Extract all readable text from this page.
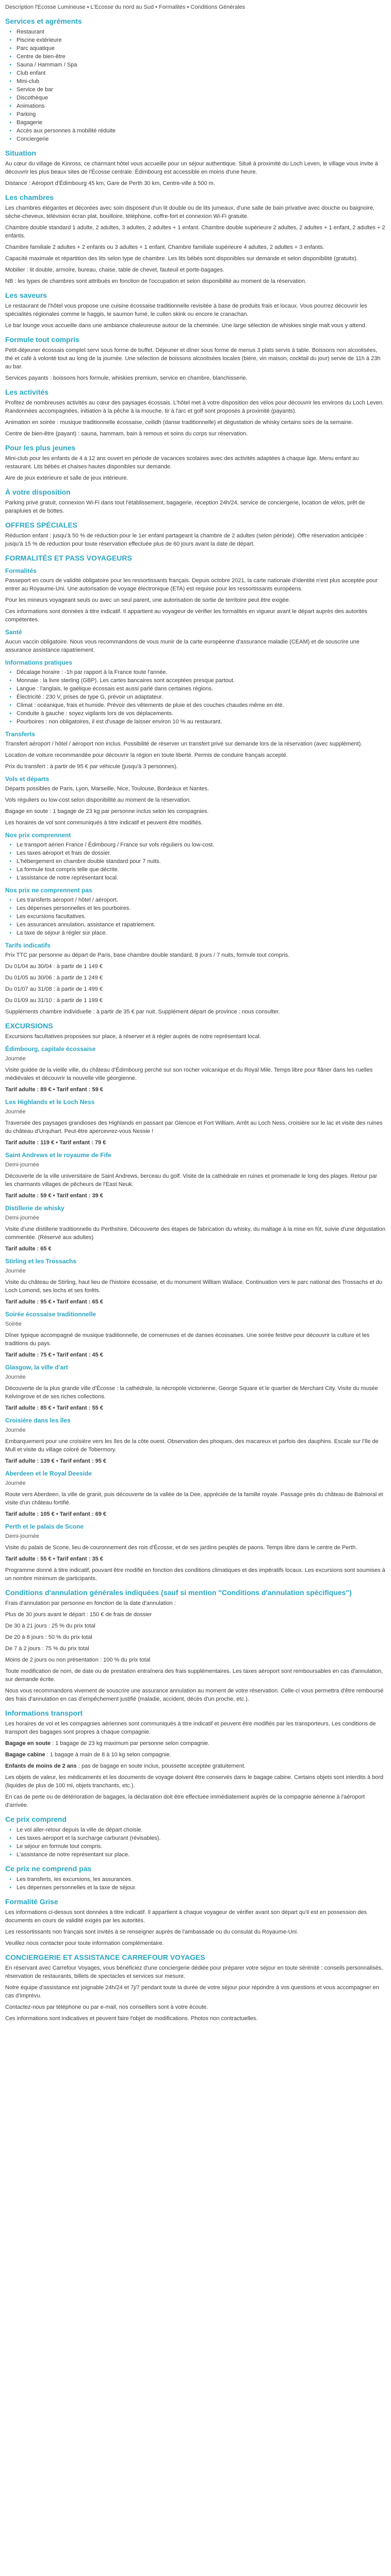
Description l'Ecosse Lumineuse • L'Ecosse du nord au Sud • Formalités • Conditions Générales

Services et agréments
• Restaurant
• Piscine extérieure
• Parc aquatique
• Centre de bien-être
• Sauna / Hammam / Spa
• Club enfant
• Mini-club
• Service de bar
• Discothèque
• Animations
• Parking
• Bagagerie
• Accès aux personnes à mobilité réduite
• Conciergerie
Situation

Au cœur du village de Kinross, ce charmant hôtel vous accueille pour un séjour authentique. Situé à proximité du Loch Leven, le village vous invite à découvrir les plus beaux sites de l'Écosse centrale. Édimbourg est accessible en moins d'une heure.

Distance : Aéroport d'Édimbourg 45 km, Gare de Perth 30 km, Centre-ville à 500 m.

Les chambres

Les chambres élégantes et décorées avec soin disposent d'un lit double ou de lits jumeaux, d'une salle de bain privative avec douche ou baignoire, sèche-cheveux, télévision écran plat, bouilloire, téléphone, coffre-fort et connexion Wi-Fi gratuite.

Chambre double standard 1 adulte, 2 adultes, 3 adultes, 2 adultes + 1 enfant. Chambre double supérieure 2 adultes, 2 adultes + 1 enfant, 2 adultes + 2 enfants.

Chambre familiale 2 adultes + 2 enfants ou 3 adultes + 1 enfant. Chambre familiale supérieure 4 adultes, 2 adultes + 3 enfants.

Capacité maximale et répartition des lits selon type de chambre. Les lits bébés sont disponibles sur demande et selon disponibilité (gratuits).

Mobilier : lit double, armoire, bureau, chaise, table de chevet, fauteuil et porte-bagages.

NB : les types de chambres sont attribués en fonction de l'occupation et selon disponibilité au moment de la réservation.

Les saveurs

Le restaurant de l'hôtel vous propose une cuisine écossaise traditionnelle revisitée à base de produits frais et locaux. Vous pourrez découvrir les spécialités régionales comme le haggis, le saumon fumé, le cullen skink ou encore le cranachan.

Le bar lounge vous accueille dans une ambiance chaleureuse autour de la cheminée. Une large sélection de whiskies single malt vous y attend.

Formule tout compris

Petit-déjeuner écossais complet servi sous forme de buffet. Déjeuner et dîner sous forme de menus 3 plats servis à table. Boissons non alcoolisées, thé et café à volonté tout au long de la journée. Une sélection de boissons alcoolisées locales (bière, vin maison, cocktail du jour) servie de 11h à 23h au bar.

Services payants : boissons hors formule, whiskies premium, service en chambre, blanchisserie.

Les activités

Profitez de nombreuses activités au cœur des paysages écossais. L'hôtel met à votre disposition des vélos pour découvrir les environs du Loch Leven. Randonnées accompagnées, initiation à la pêche à la mouche, tir à l'arc et golf sont proposés à proximité (payants).

Animation en soirée : musique traditionnelle écossaise, ceilidh (danse traditionnelle) et dégustation de whisky certains soirs de la semaine.

Centre de bien-être (payant) : sauna, hammam, bain à remous et soins du corps sur réservation.

Pour les plus jeunes

Mini-club pour les enfants de 4 à 12 ans ouvert en période de vacances scolaires avec des activités adaptées à chaque âge. Menu enfant au restaurant. Lits bébés et chaises hautes disponibles sur demande.

Aire de jeux extérieure et salle de jeux intérieure.

À votre disposition

Parking privé gratuit, connexion Wi-Fi dans tout l'établissement, bagagerie, réception 24h/24, service de conciergerie, location de vélos, prêt de parapluies et de bottes.

OFFRES SPÉCIALES

Réduction enfant : jusqu'à 50 % de réduction pour le 1er enfant partageant la chambre de 2 adultes (selon période). Offre réservation anticipée : jusqu'à 15 % de réduction pour toute réservation effectuée plus de 60 jours avant la date de départ.

FORMALITÉS ET PASS VOYAGEURS
Formalités

Passeport en cours de validité obligatoire pour les ressortissants français. Depuis octobre 2021, la carte nationale d'identité n'est plus acceptée pour entrer au Royaume-Uni. Une autorisation de voyage électronique (ETA) est requise pour les ressortissants européens.

Pour les mineurs voyageant seuls ou avec un seul parent, une autorisation de sortie de territoire peut être exigée.

Ces informations sont données à titre indicatif. Il appartient au voyageur de vérifier les formalités en vigueur avant le départ auprès des autorités compétentes.

Santé

Aucun vaccin obligatoire. Nous vous recommandons de vous munir de la carte européenne d'assurance maladie (CEAM) et de souscrire une assurance assistance rapatriement.

Informations pratiques
• Décalage horaire : -1h par rapport à la France toute l'année.
• Monnaie : la livre sterling (GBP). Les cartes bancaires sont acceptées presque partout.
• Langue : l'anglais, le gaélique écossais est aussi parlé dans certaines régions.
• Électricité : 230 V, prises de type G, prévoir un adaptateur.
• Climat : océanique, frais et humide. Prévoir des vêtements de pluie et des couches chaudes même en été.
• Conduite à gauche : soyez vigilants lors de vos déplacements.
• Pourboires : non obligatoires, il est d'usage de laisser environ 10 % au restaurant.
Transferts

Transfert aéroport / hôtel / aéroport non inclus. Possibilité de réserver un transfert privé sur demande lors de la réservation (avec supplément).

Location de voiture recommandée pour découvrir la région en toute liberté. Permis de conduire français accepté.

Prix du transfert : à partir de 95 € par véhicule (jusqu'à 3 personnes).

Vols et départs

Départs possibles de Paris, Lyon, Marseille, Nice, Toulouse, Bordeaux et Nantes.

Vols réguliers ou low-cost selon disponibilité au moment de la réservation.

Bagage en soute : 1 bagage de 23 kg par personne inclus selon les compagnies.

Les horaires de vol sont communiqués à titre indicatif et peuvent être modifiés.

Nos prix comprennent
• Le transport aérien France / Édimbourg / France sur vols réguliers ou low-cost.
• Les taxes aéroport et frais de dossier.
• L'hébergement en chambre double standard pour 7 nuits.
• La formule tout compris telle que décrite.
• L'assistance de notre représentant local.
Nos prix ne comprennent pas
• Les transferts aéroport / hôtel / aéroport.
• Les dépenses personnelles et les pourboires.
• Les excursions facultatives.
• Les assurances annulation, assistance et rapatriement.
• La taxe de séjour à régler sur place.
Tarifs indicatifs

Prix TTC par personne au départ de Paris, base chambre double standard, 8 jours / 7 nuits, formule tout compris.

Du 01/04 au 30/04 : à partir de 1 149 €

Du 01/05 au 30/06 : à partir de 1 249 €

Du 01/07 au 31/08 : à partir de 1 499 €

Du 01/09 au 31/10 : à partir de 1 199 €

Suppléments chambre individuelle : à partir de 35 € par nuit. Supplément départ de province : nous consulter.

EXCURSIONS

Excursions facultatives proposées sur place, à réserver et à régler auprès de notre représentant local.

Édimbourg, capitale écossaise

Journée

Visite guidée de la vieille ville, du château d'Édimbourg perché sur son rocher volcanique et du Royal Mile. Temps libre pour flâner dans les ruelles médiévales et découvrir la nouvelle ville géorgienne.

Tarif adulte : 89 € • Tarif enfant : 59 €

Les Highlands et le Loch Ness

Journée

Traversée des paysages grandioses des Highlands en passant par Glencoe et Fort William. Arrêt au Loch Ness, croisière sur le lac et visite des ruines du château d'Urquhart. Peut-être apercevrez-vous Nessie !

Tarif adulte : 119 € • Tarif enfant : 79 €

Saint Andrews et le royaume de Fife

Demi-journée

Découverte de la ville universitaire de Saint Andrews, berceau du golf. Visite de la cathédrale en ruines et promenade le long des plages. Retour par les charmants villages de pêcheurs de l'East Neuk.

Tarif adulte : 59 € • Tarif enfant : 39 €

Distillerie de whisky

Demi-journée

Visite d'une distillerie traditionnelle du Perthshire. Découverte des étapes de fabrication du whisky, du maltage à la mise en fût, suivie d'une dégustation commentée. (Réservé aux adultes)

Tarif adulte : 65 €

Stirling et les Trossachs

Journée

Visite du château de Stirling, haut lieu de l'histoire écossaise, et du monument William Wallace. Continuation vers le parc national des Trossachs et du Loch Lomond, ses lochs et ses forêts.

Tarif adulte : 95 € • Tarif enfant : 65 €

Soirée écossaise traditionnelle

Soirée

Dîner typique accompagné de musique traditionnelle, de cornemuses et de danses écossaises. Une soirée festive pour découvrir la culture et les traditions du pays.

Tarif adulte : 75 € • Tarif enfant : 45 €

Glasgow, la ville d'art

Journée

Découverte de la plus grande ville d'Écosse : la cathédrale, la nécropole victorienne, George Square et le quartier de Merchant City. Visite du musée Kelvingrove et de ses riches collections.

Tarif adulte : 85 € • Tarif enfant : 55 €

Croisière dans les îles

Journée

Embarquement pour une croisière vers les îles de la côte ouest. Observation des phoques, des macareux et parfois des dauphins. Escale sur l'île de Mull et visite du village coloré de Tobermory.

Tarif adulte : 139 € • Tarif enfant : 95 €

Aberdeen et le Royal Deeside

Journée

Route vers Aberdeen, la ville de granit, puis découverte de la vallée de la Dee, appréciée de la famille royale. Passage près du château de Balmoral et visite d'un château fortifié.

Tarif adulte : 105 € • Tarif enfant : 69 €

Perth et le palais de Scone

Demi-journée

Visite du palais de Scone, lieu de couronnement des rois d'Écosse, et de ses jardins peuplés de paons. Temps libre dans le centre de Perth.

Tarif adulte : 55 € • Tarif enfant : 35 €

Programme donné à titre indicatif, pouvant être modifié en fonction des conditions climatiques et des impératifs locaux. Les excursions sont soumises à un nombre minimum de participants.

Conditions d'annulation générales indiquées (sauf si mention "Conditions d'annulation spécifiques")

Frais d'annulation par personne en fonction de la date d'annulation :

Plus de 30 jours avant le départ : 150 € de frais de dossier

De 30 à 21 jours : 25 % du prix total

De 20 à 8 jours : 50 % du prix total

De 7 à 2 jours : 75 % du prix total

Moins de 2 jours ou non présentation : 100 % du prix total

Toute modification de nom, de date ou de prestation entraînera des frais supplémentaires. Les taxes aéroport sont remboursables en cas d'annulation, sur demande écrite.

Nous vous recommandons vivement de souscrire une assurance annulation au moment de votre réservation. Celle-ci vous permettra d'être remboursé des frais d'annulation en cas d'empêchement justifié (maladie, accident, décès d'un proche, etc.).

Informations transport

Les horaires de vol et les compagnies aériennes sont communiqués à titre indicatif et peuvent être modifiés par les transporteurs. Les conditions de transport des bagages sont propres à chaque compagnie.

Bagage en soute : 1 bagage de 23 kg maximum par personne selon compagnie.

Bagage cabine : 1 bagage à main de 8 à 10 kg selon compagnie.

Enfants de moins de 2 ans : pas de bagage en soute inclus, poussette acceptée gratuitement.

Les objets de valeur, les médicaments et les documents de voyage doivent être conservés dans le bagage cabine. Certains objets sont interdits à bord (liquides de plus de 100 ml, objets tranchants, etc.).

En cas de perte ou de détérioration de bagages, la déclaration doit être effectuée immédiatement auprès de la compagnie aérienne à l'aéroport d'arrivée.

Ce prix comprend
• Le vol aller-retour depuis la ville de départ choisie.
• Les taxes aéroport et la surcharge carburant (révisables).
• Le séjour en formule tout compris.
• L'assistance de notre représentant sur place.
Ce prix ne comprend pas
• Les transferts, les excursions, les assurances.
• Les dépenses personnelles et la taxe de séjour.
Formalité Grise

Les informations ci-dessus sont données à titre indicatif. Il appartient à chaque voyageur de vérifier avant son départ qu'il est en possession des documents en cours de validité exigés par les autorités.

Les ressortissants non français sont invités à se renseigner auprès de l'ambassade ou du consulat du Royaume-Uni.

Veuillez nous contacter pour toute information complémentaire.

CONCIERGERIE ET ASSISTANCE CARREFOUR VOYAGES

En réservant avec Carrefour Voyages, vous bénéficiez d'une conciergerie dédiée pour préparer votre séjour en toute sérénité : conseils personnalisés, réservation de restaurants, billets de spectacles et services sur mesure.

Notre équipe d'assistance est joignable 24h/24 et 7j/7 pendant toute la durée de votre séjour pour répondre à vos questions et vous accompagner en cas d'imprévu.

Contactez-nous par téléphone ou par e-mail, nos conseillers sont à votre écoute.

Ces informations sont indicatives et peuvent faire l'objet de modifications. Photos non contractuelles.
